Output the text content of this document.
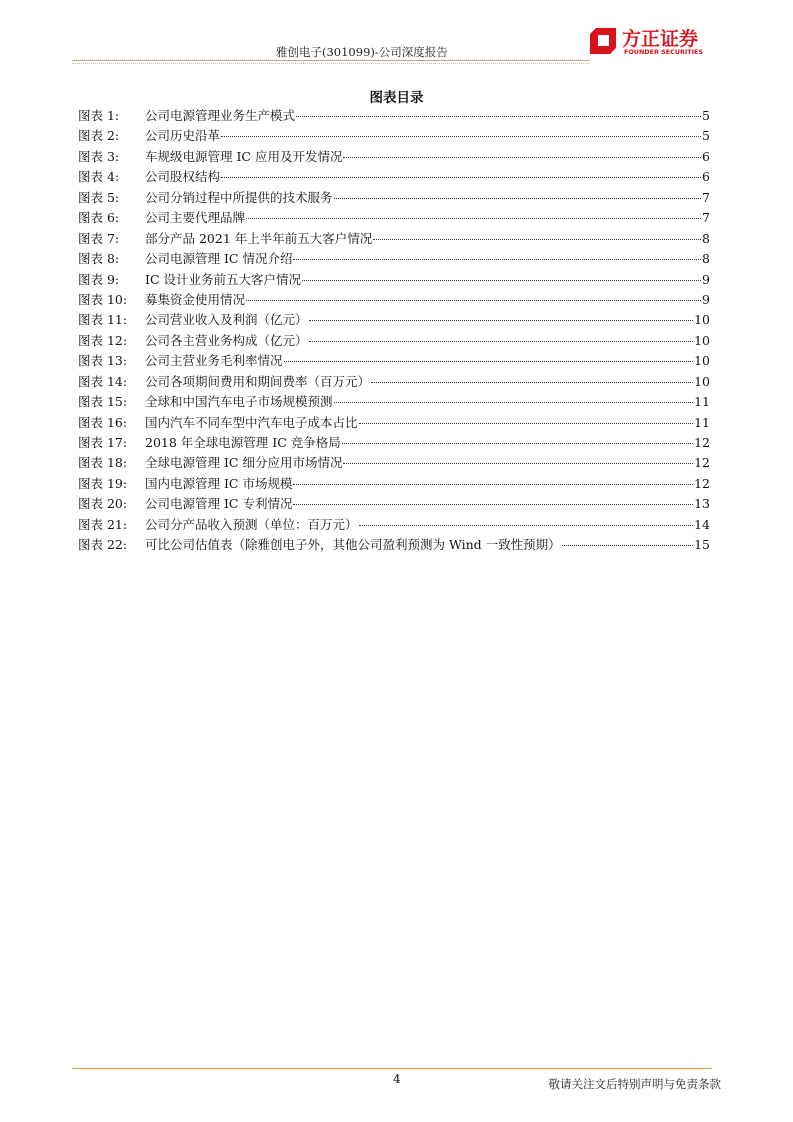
雅创电子(301099)-公司深度报告
方正证券
FOUNDER SECURITIES
图表目录
图表 1:	公司电源管理业务生产模式	5
图表 2:	公司历史沿革	5
图表 3:	车规级电源管理 IC 应用及开发情况	6
图表 4:	公司股权结构	6
图表 5:	公司分销过程中所提供的技术服务	7
图表 6:	公司主要代理品牌	7
图表 7:	部分产品 2021 年上半年前五大客户情况	8
图表 8:	公司电源管理 IC 情况介绍	8
图表 9:	IC 设计业务前五大客户情况	9
图表 10:	募集资金使用情况	9
图表 11:	公司营业收入及利润（亿元）	10
图表 12:	公司各主营业务构成（亿元）	10
图表 13:	公司主营业务毛利率情况	10
图表 14:	公司各项期间费用和期间费率（百万元）	10
图表 15:	全球和中国汽车电子市场规模预测	11
图表 16:	国内汽车不同车型中汽车电子成本占比	11
图表 17:	2018 年全球电源管理 IC 竞争格局	12
图表 18:	全球电源管理 IC 细分应用市场情况	12
图表 19:	国内电源管理 IC 市场规模	12
图表 20:	公司电源管理 IC 专利情况	13
图表 21:	公司分产品收入预测（单位：百万元）	14
图表 22:	可比公司估值表（除雅创电子外，其他公司盈利预测为 Wind 一致性预期）	15
4	敬请关注文后特别声明与免责条款
